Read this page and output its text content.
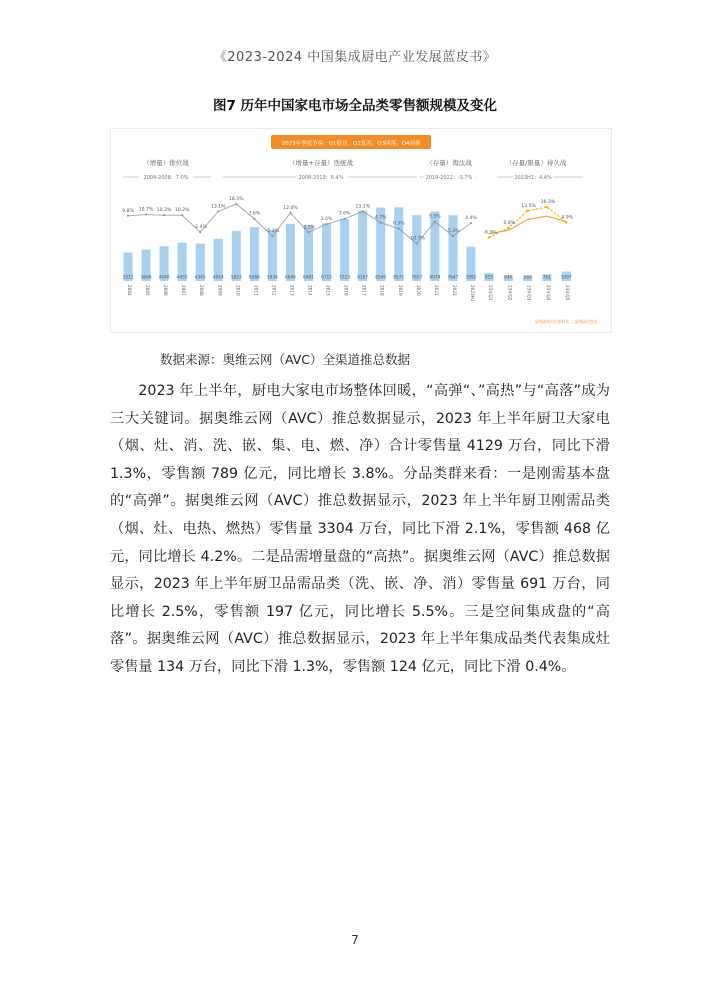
《2023-2024 中国集成厨电产业发展蓝皮书》
图7 历年中国家电市场全品类零售额规模及变化
2023年季度节奏：Q1低谷、Q2复苏、Q3回落、Q4回弹
（增量）排位战	（增量+存量）迭统战	（存量）淘汰战	（存量/限量）持久战
2004-2008：7.0%	2008-2019：6.4%	2019-2022：-3.7%	2023H1：4.4%
3312 3666 4040 4452 4345 4914 5823 6266 5934 6646 6481 6715 7223 8167 8549 8571 7657 8079 7647 3992 915	640	569	761 1097
2004	2005	2006	2007	2008	2009	2010	2011	2012	2013	2014	2015	2016	2017	2018	2019	2020	2021	2022	2023H1	23年Q1	23年Q2	23年Q3	23年Q4	23年Q5
9.8% 10.7% 10.2% 10.2%
-2.4%
13.1%
18.5%
7.6%
-5.3%
12.0%
-2.5%
3.6%
7.6%
13.1%
4.7%
0.3%
-10.7%
5.5%
-5.3%
4.4%
-6.3%
0.8%
13.5%
16.3%
4.9%
虚线前线为往期同比 二虚线同比变化
数据来源：奥维云网（AVC）全渠道推总数据

2023 年上半年，厨电大家电市场整体回暖，“高弹“、”高热”与“高落”成为三大关键词。据奥维云网（AVC）推总数据显示，2023 年上半年厨卫大家电（烟、灶、消、洗、嵌、集、电、燃、净）合计零售量 4129 万台，同比下滑 1.3%，零售额 789 亿元，同比增长 3.8%。分品类群来看：一是刚需基本盘的“高弹”。据奥维云网（AVC）推总数据显示，2023 年上半年厨卫刚需品类（烟、灶、电热、燃热）零售量 3304 万台，同比下滑 2.1%，零售额 468 亿元，同比增长 4.2%。二是品需增量盘的“高热”。据奥维云网（AVC）推总数据显示，2023 年上半年厨卫品需品类（洗、嵌、净、消）零售量 691 万台，同比增长 2.5%，零售额 197 亿元，同比增长 5.5%。三是空间集成盘的“高落”。据奥维云网（AVC）推总数据显示，2023 年上半年集成品类代表集成灶零售量 134 万台，同比下滑 1.3%，零售额 124 亿元，同比下滑 0.4%。

7
